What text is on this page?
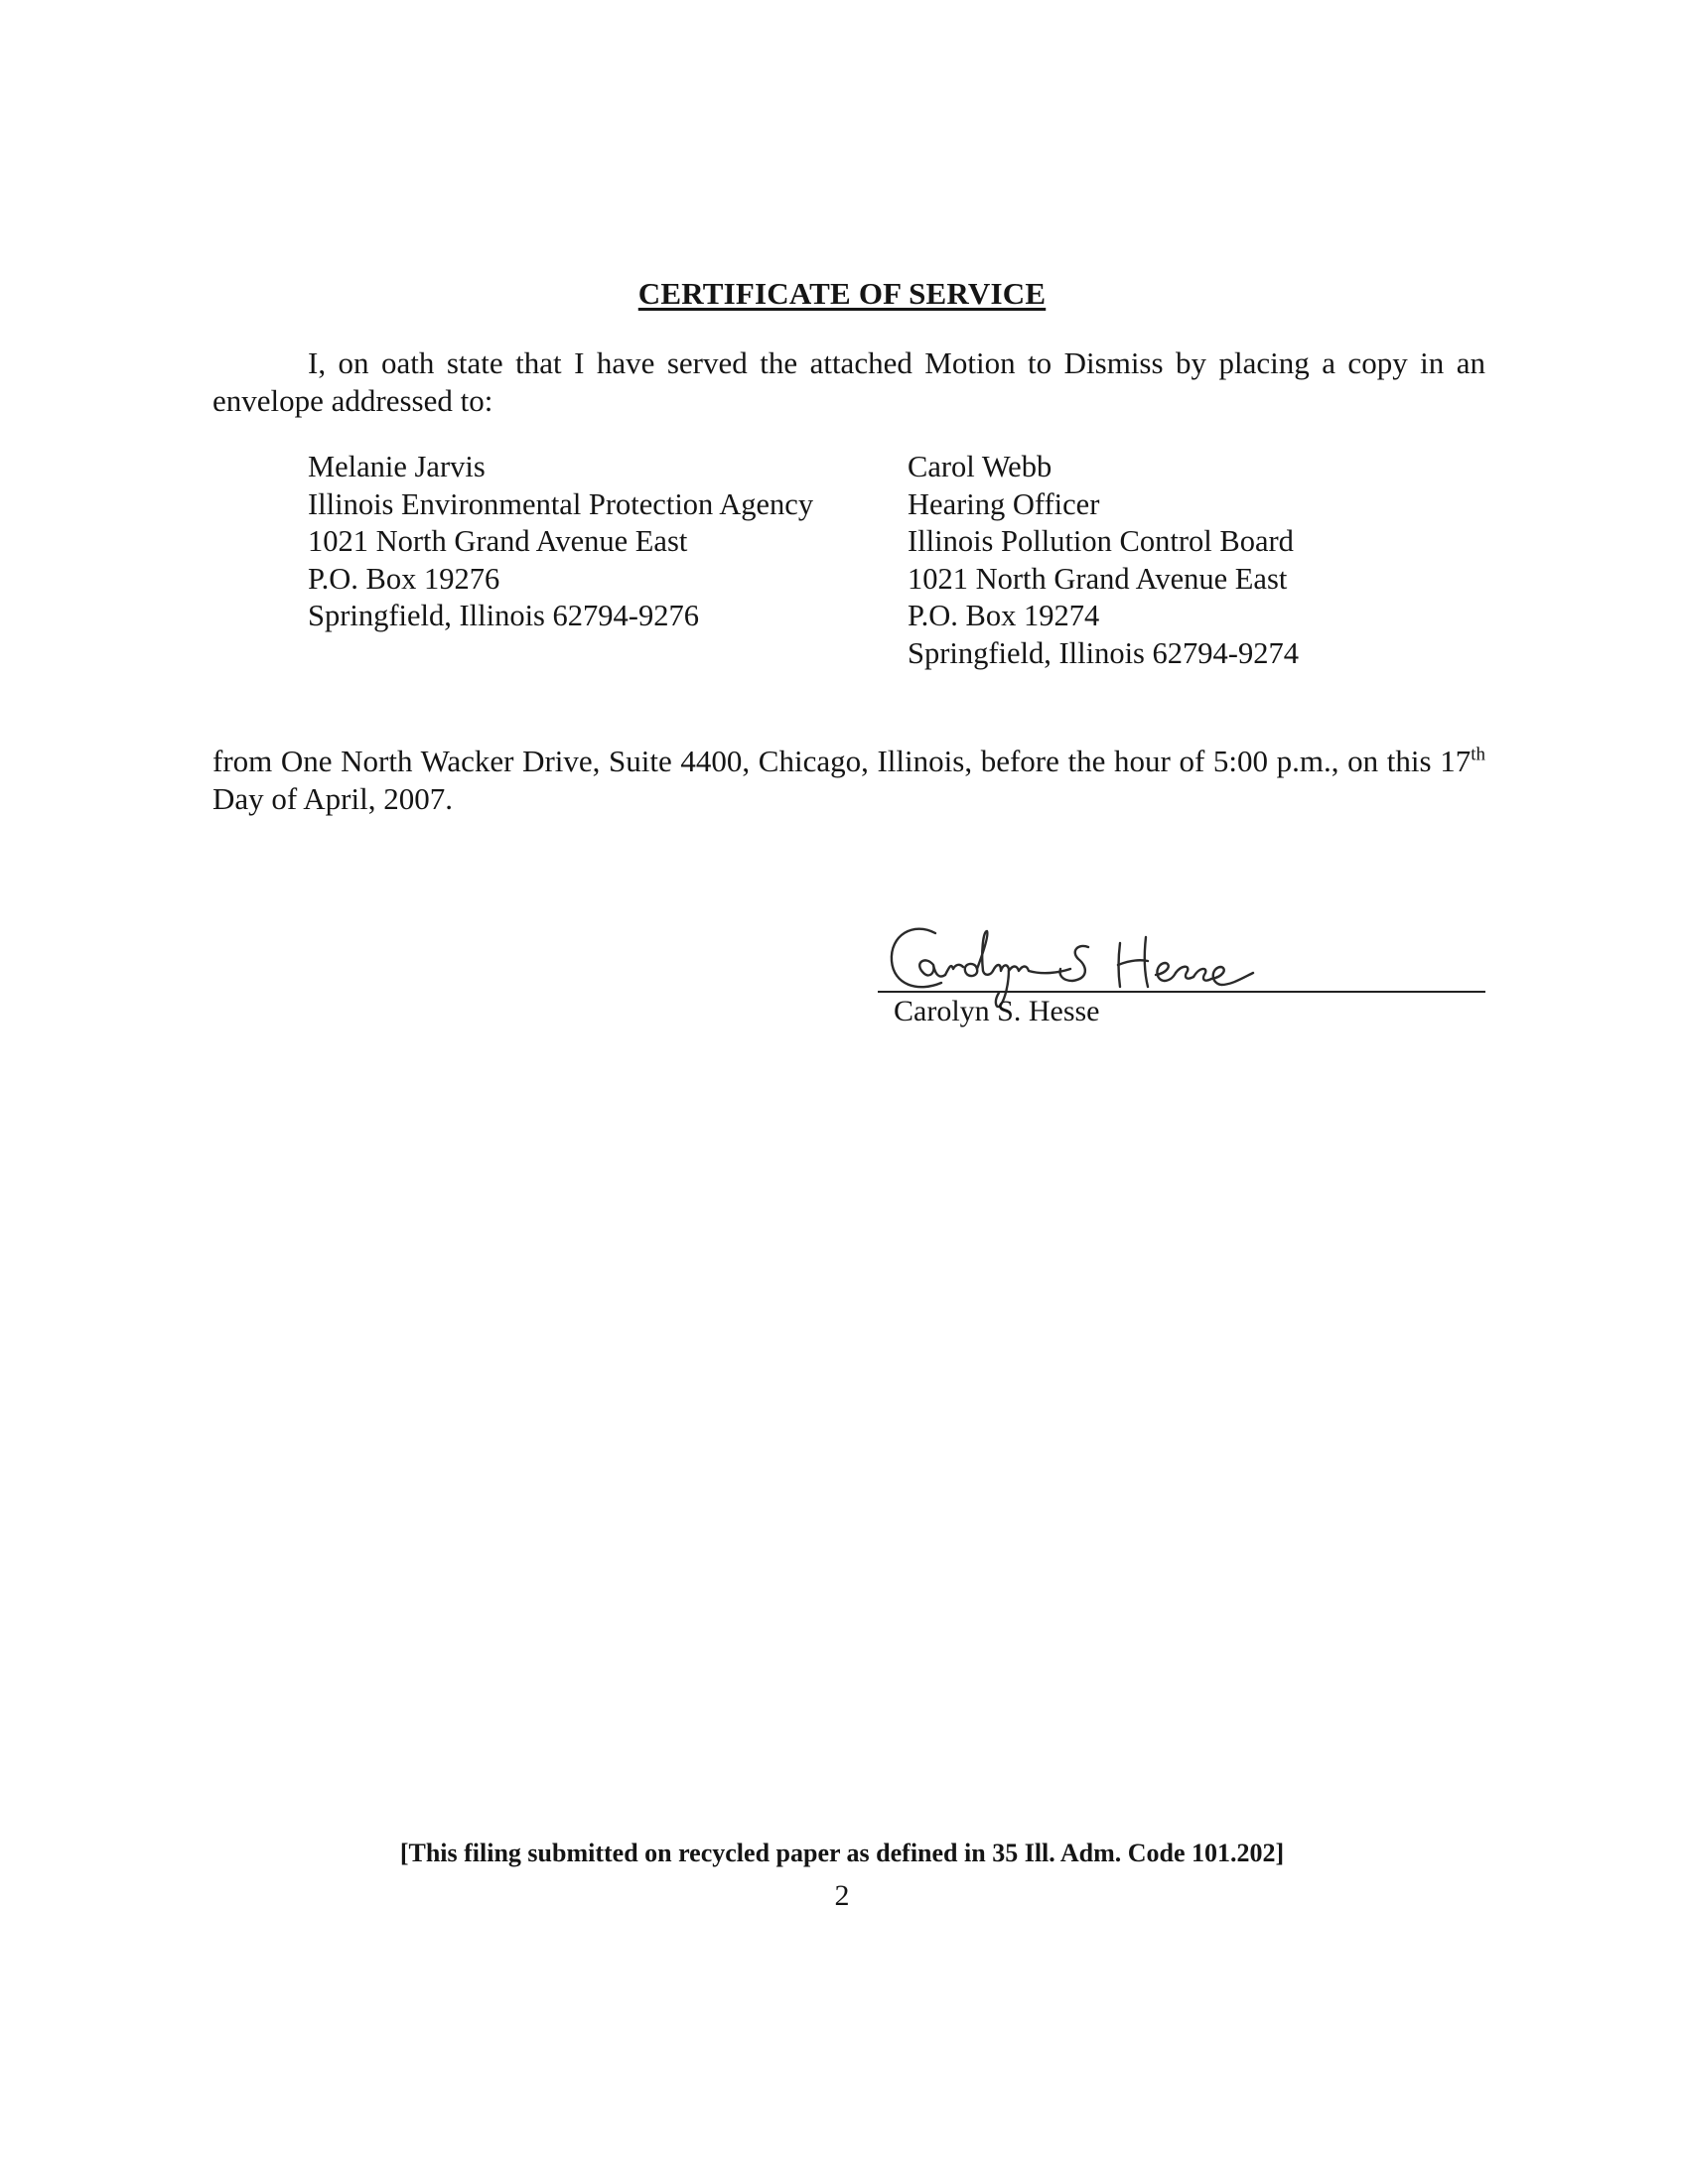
CERTIFICATE OF SERVICE
I, on oath state that I have served the attached Motion to Dismiss by placing a copy in an envelope addressed to:
Melanie Jarvis
Illinois Environmental Protection Agency
1021 North Grand Avenue East
P.O. Box 19276
Springfield, Illinois 62794-9276
Carol Webb
Hearing Officer
Illinois Pollution Control Board
1021 North Grand Avenue East
P.O. Box 19274
Springfield, Illinois 62794-9274
from One North Wacker Drive, Suite 4400, Chicago, Illinois, before the hour of 5:00 p.m., on this 17th Day of April, 2007.
Carolyn S. Hesse
[This filing submitted on recycled paper as defined in 35 Ill. Adm. Code 101.202]
2
